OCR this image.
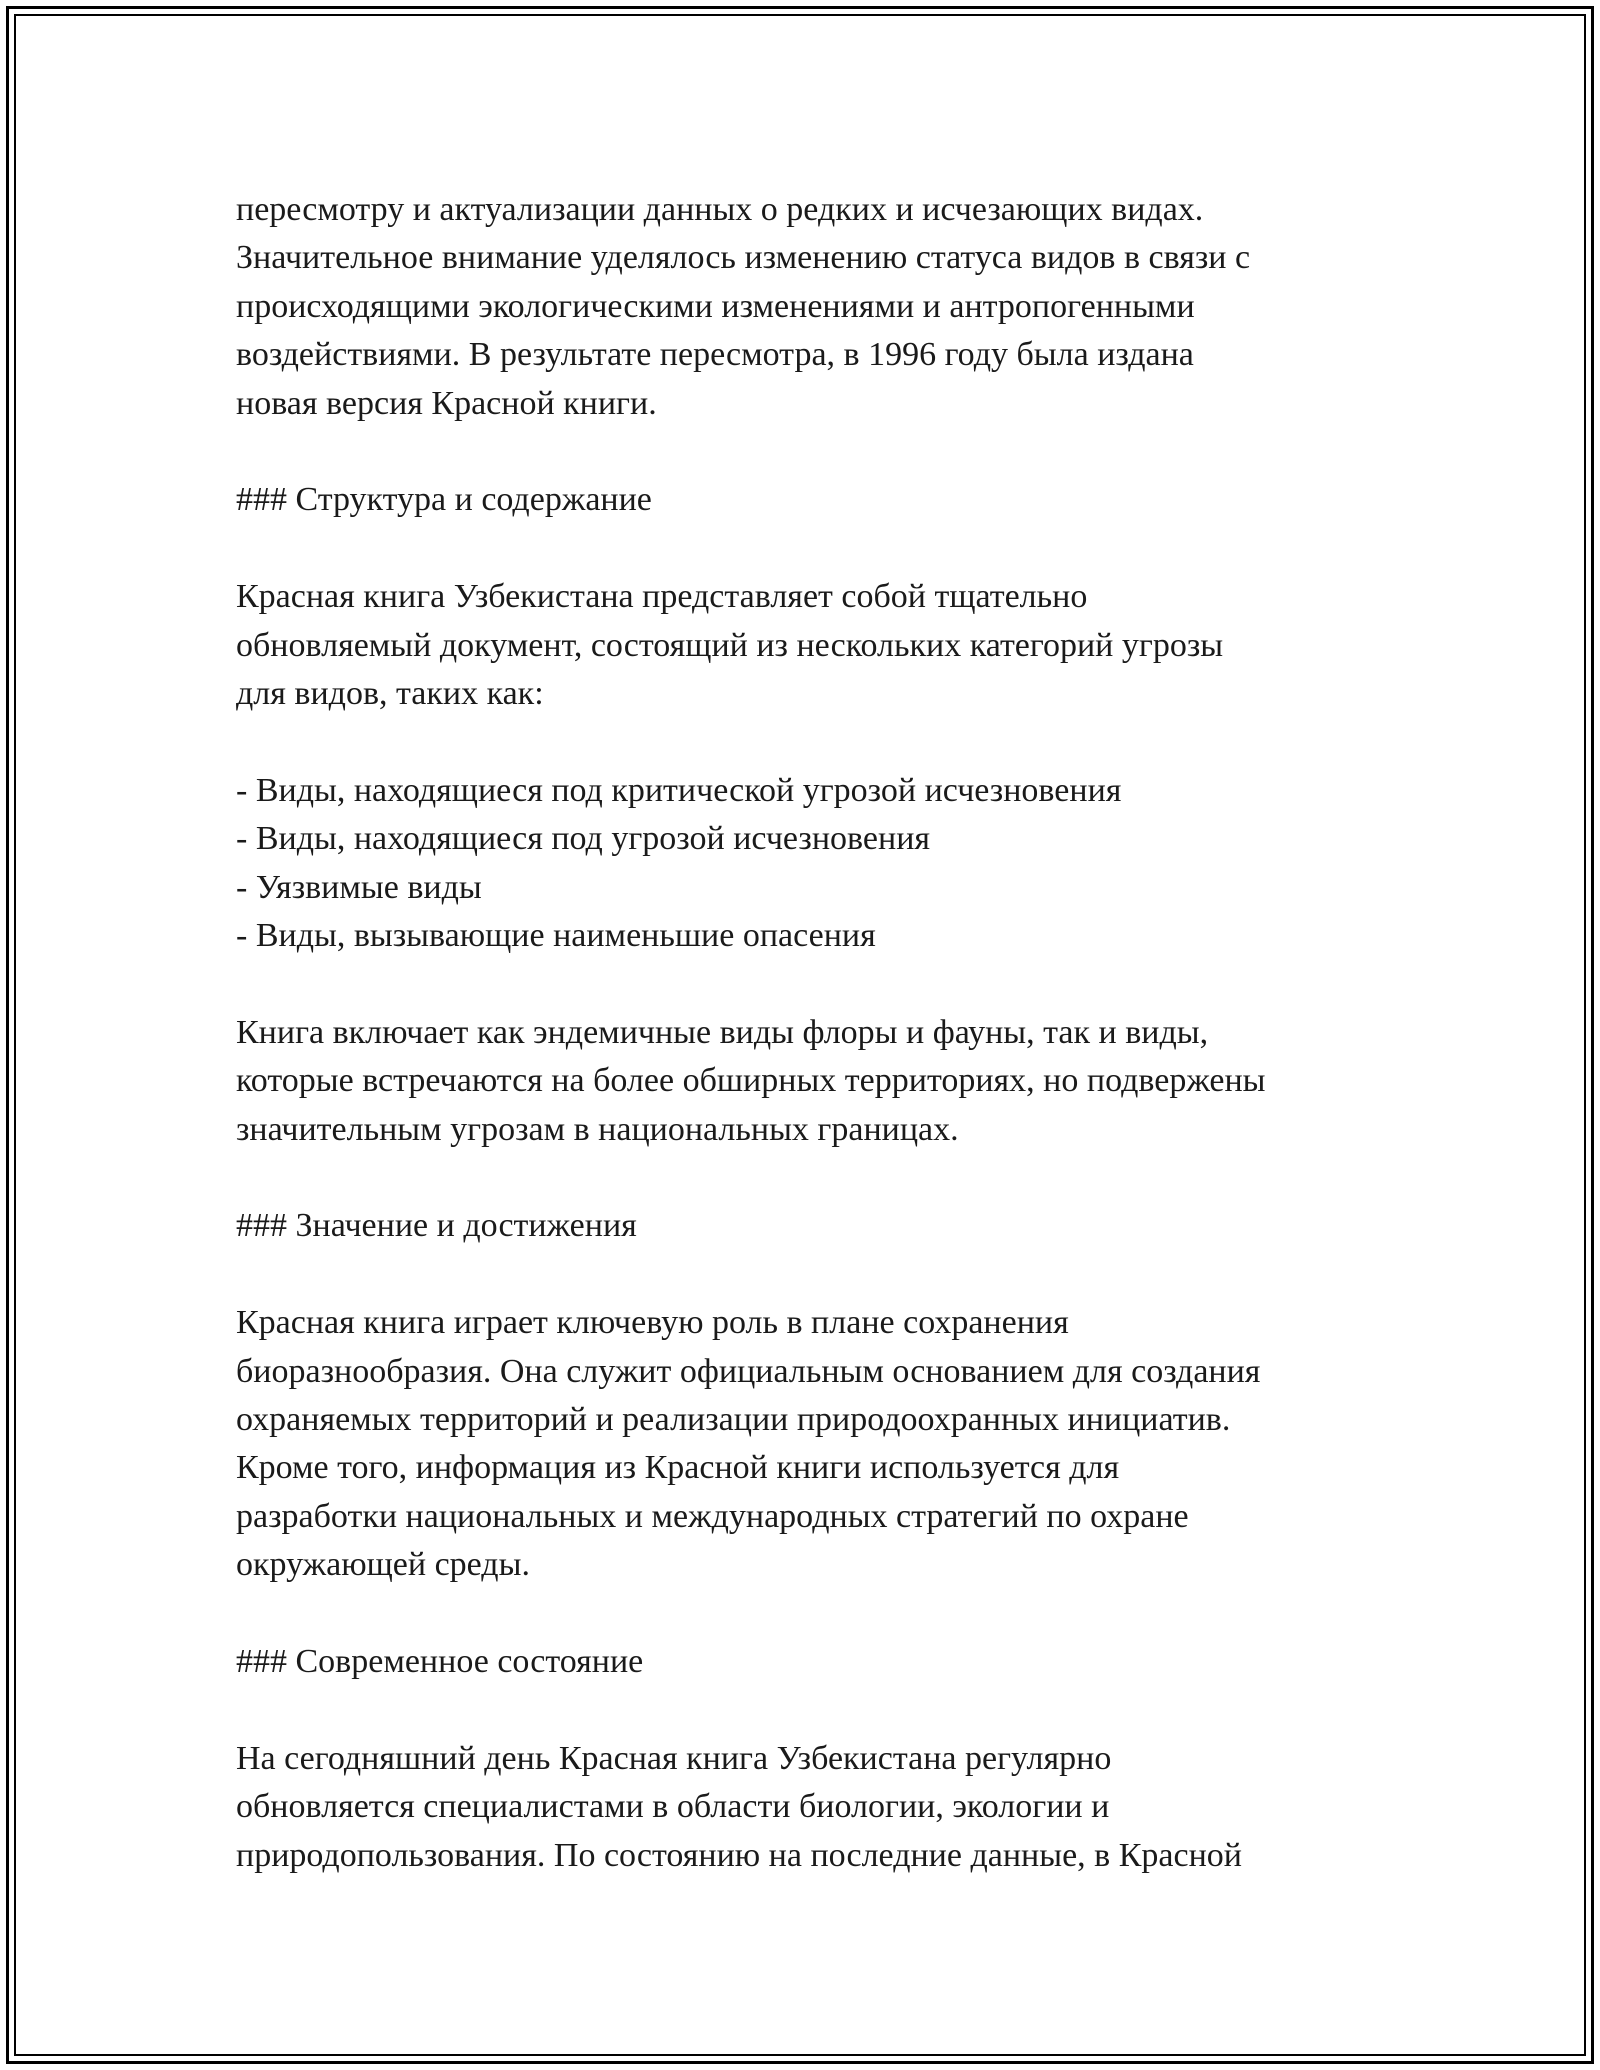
пересмотру и актуализации данных о редких и исчезающих видах.
Значительное внимание уделялось изменению статуса видов в связи с
происходящими экологическими изменениями и антропогенными
воздействиями. В результате пересмотра, в 1996 году была издана
новая версия Красной книги.

### Структура и содержание

Красная книга Узбекистана представляет собой тщательно
обновляемый документ, состоящий из нескольких категорий угрозы
для видов, таких как:

- Виды, находящиеся под критической угрозой исчезновения
- Виды, находящиеся под угрозой исчезновения
- Уязвимые виды
- Виды, вызывающие наименьшие опасения

Книга включает как эндемичные виды флоры и фауны, так и виды,
которые встречаются на более обширных территориях, но подвержены
значительным угрозам в национальных границах.

### Значение и достижения

Красная книга играет ключевую роль в плане сохранения
биоразнообразия. Она служит официальным основанием для создания
охраняемых территорий и реализации природоохранных инициатив.
Кроме того, информация из Красной книги используется для
разработки национальных и международных стратегий по охране
окружающей среды.

### Современное состояние

На сегодняшний день Красная книга Узбекистана регулярно
обновляется специалистами в области биологии, экологии и
природопользования. По состоянию на последние данные, в Красной
